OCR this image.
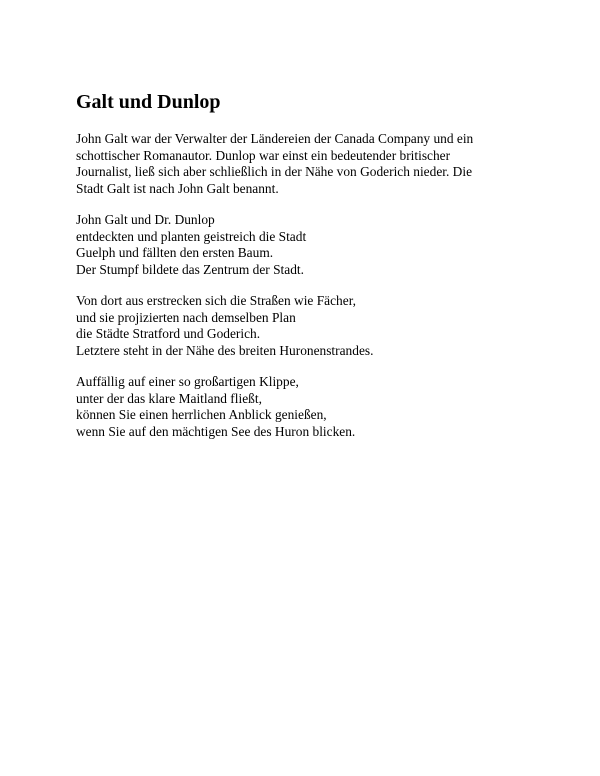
Galt und Dunlop

John Galt war der Verwalter der Ländereien der Canada Company und ein
schottischer Romanautor. Dunlop war einst ein bedeutender britischer
Journalist, ließ sich aber schließlich in der Nähe von Goderich nieder. Die
Stadt Galt ist nach John Galt benannt.

John Galt und Dr. Dunlop
entdeckten und planten geistreich die Stadt
Guelph und fällten den ersten Baum.
Der Stumpf bildete das Zentrum der Stadt.

Von dort aus erstrecken sich die Straßen wie Fächer,
und sie projizierten nach demselben Plan
die Städte Stratford und Goderich.
Letztere steht in der Nähe des breiten Huronenstrandes.

Auffällig auf einer so großartigen Klippe,
unter der das klare Maitland fließt,
können Sie einen herrlichen Anblick genießen,
wenn Sie auf den mächtigen See des Huron blicken.
